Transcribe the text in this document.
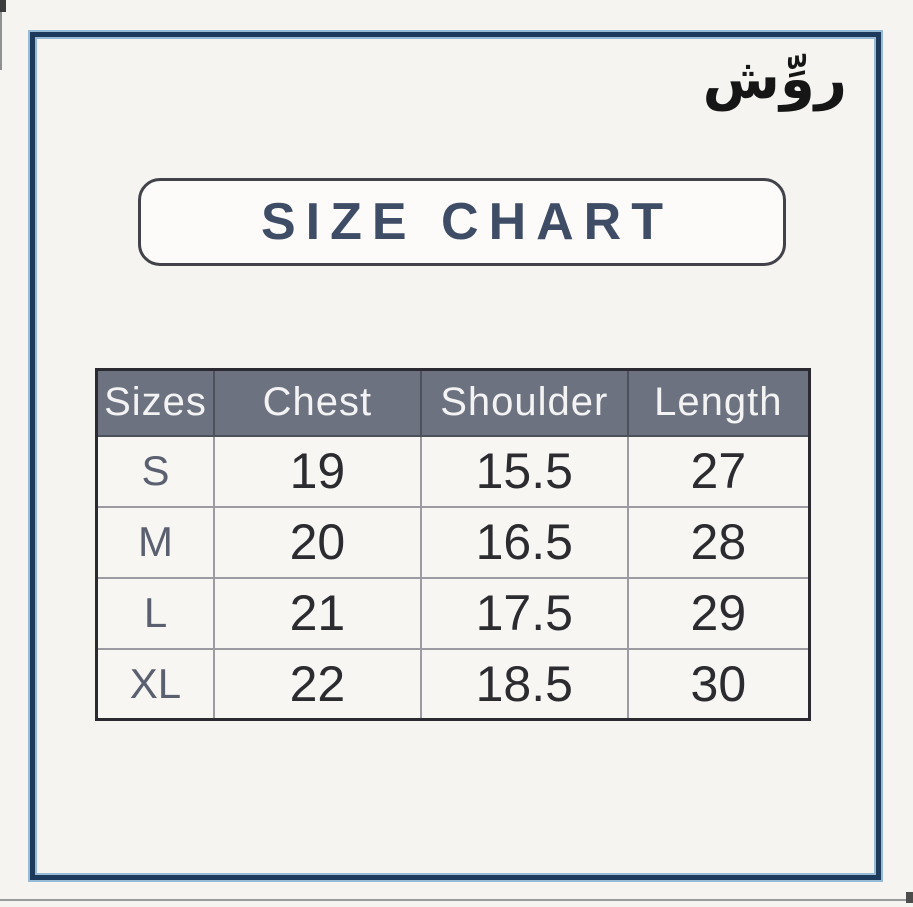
روِّش
SIZE CHART
Sizes	Chest	Shoulder	Length
S	19	15.5	27
M	20	16.5	28
L	21	17.5	29
XL	22	18.5	30
